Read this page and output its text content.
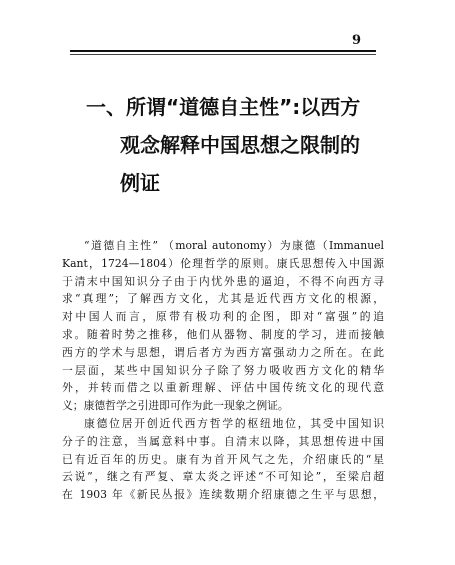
9
一、所谓“道德自主性”:以西方
观念解释中国思想之限制的
例证
“道德自主性” （moral autonomy）为康德（Immanuel
Kant，1724—1804）伦理哲学的原则。康氏思想传入中国源
于清末中国知识分子由于内忧外患的逼迫，不得不向西方寻
求“真理”；了解西方文化，尤其是近代西方文化的根源，
对中国人而言，原带有极功利的企图，即对“富强”的追
求。随着时势之推移，他们从器物、制度的学习，进而接触
西方的学术与思想，谓后者方为西方富强动力之所在。在此
一层面，某些中国知识分子除了努力吸收西方文化的精华
外，并转而借之以重新理解、评估中国传统文化的现代意
义；康德哲学之引进即可作为此一现象之例证。
康德位居开创近代西方哲学的枢纽地位，其受中国知识
分子的注意，当属意料中事。自清末以降，其思想传进中国
已有近百年的历史。康有为首开风气之先，介绍康氏的“星
云说”，继之有严复、章太炎之评述“不可知论”，至梁启超
在 1903 年《新民丛报》连续数期介绍康德之生平与思想，
